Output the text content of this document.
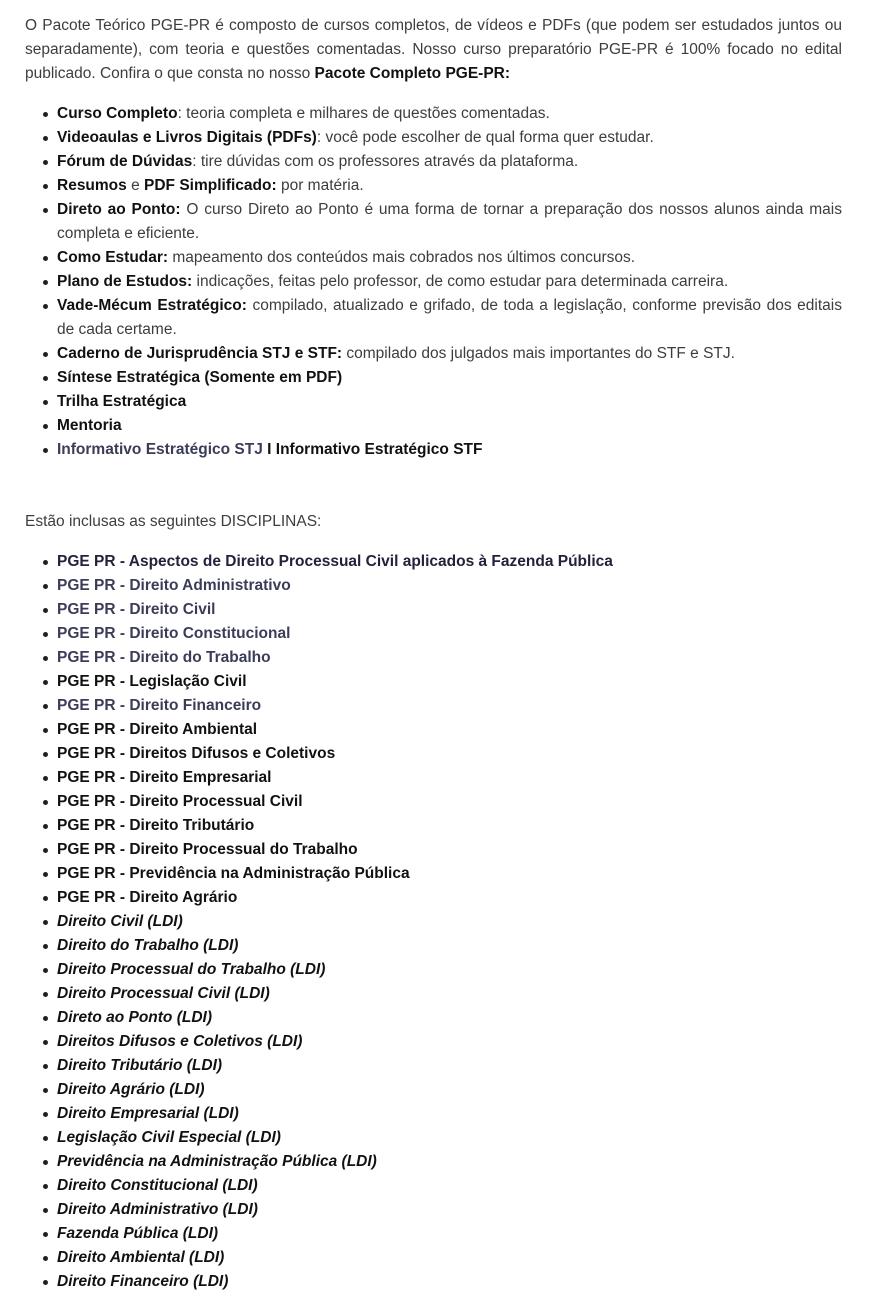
O Pacote Teórico PGE-PR é composto de cursos completos, de vídeos e PDFs (que podem ser estudados juntos ou separadamente), com teoria e questões comentadas. Nosso curso preparatório PGE-PR é 100% focado no edital publicado. Confira o que consta no nosso Pacote Completo PGE-PR:

Curso Completo: teoria completa e milhares de questões comentadas.
Videoaulas e Livros Digitais (PDFs): você pode escolher de qual forma quer estudar.
Fórum de Dúvidas: tire dúvidas com os professores através da plataforma.
Resumos e PDF Simplificado: por matéria.
Direto ao Ponto: O curso Direto ao Ponto é uma forma de tornar a preparação dos nossos alunos ainda mais completa e eficiente.
Como Estudar: mapeamento dos conteúdos mais cobrados nos últimos concursos.
Plano de Estudos: indicações, feitas pelo professor, de como estudar para determinada carreira.
Vade-Mécum Estratégico: compilado, atualizado e grifado, de toda a legislação, conforme previsão dos editais de cada certame.
Caderno de Jurisprudência STJ e STF: compilado dos julgados mais importantes do STF e STJ.
Síntese Estratégica (Somente em PDF)
Trilha Estratégica
Mentoria
Informativo Estratégico STJ I Informativo Estratégico STF

Estão inclusas as seguintes DISCIPLINAS:

PGE PR - Aspectos de Direito Processual Civil aplicados à Fazenda Pública
PGE PR - Direito Administrativo
PGE PR - Direito Civil
PGE PR - Direito Constitucional
PGE PR - Direito do Trabalho
PGE PR - Legislação Civil
PGE PR - Direito Financeiro
PGE PR - Direito Ambiental
PGE PR - Direitos Difusos e Coletivos
PGE PR - Direito Empresarial
PGE PR - Direito Processual Civil
PGE PR - Direito Tributário
PGE PR - Direito Processual do Trabalho
PGE PR - Previdência na Administração Pública
PGE PR - Direito Agrário
Direito Civil (LDI)
Direito do Trabalho (LDI)
Direito Processual do Trabalho (LDI)
Direito Processual Civil (LDI)
Direto ao Ponto (LDI)
Direitos Difusos e Coletivos (LDI)
Direito Tributário (LDI)
Direito Agrário (LDI)
Direito Empresarial (LDI)
Legislação Civil Especial (LDI)
Previdência na Administração Pública (LDI)
Direito Constitucional (LDI)
Direito Administrativo (LDI)
Fazenda Pública (LDI)
Direito Ambiental (LDI)
Direito Financeiro (LDI)
